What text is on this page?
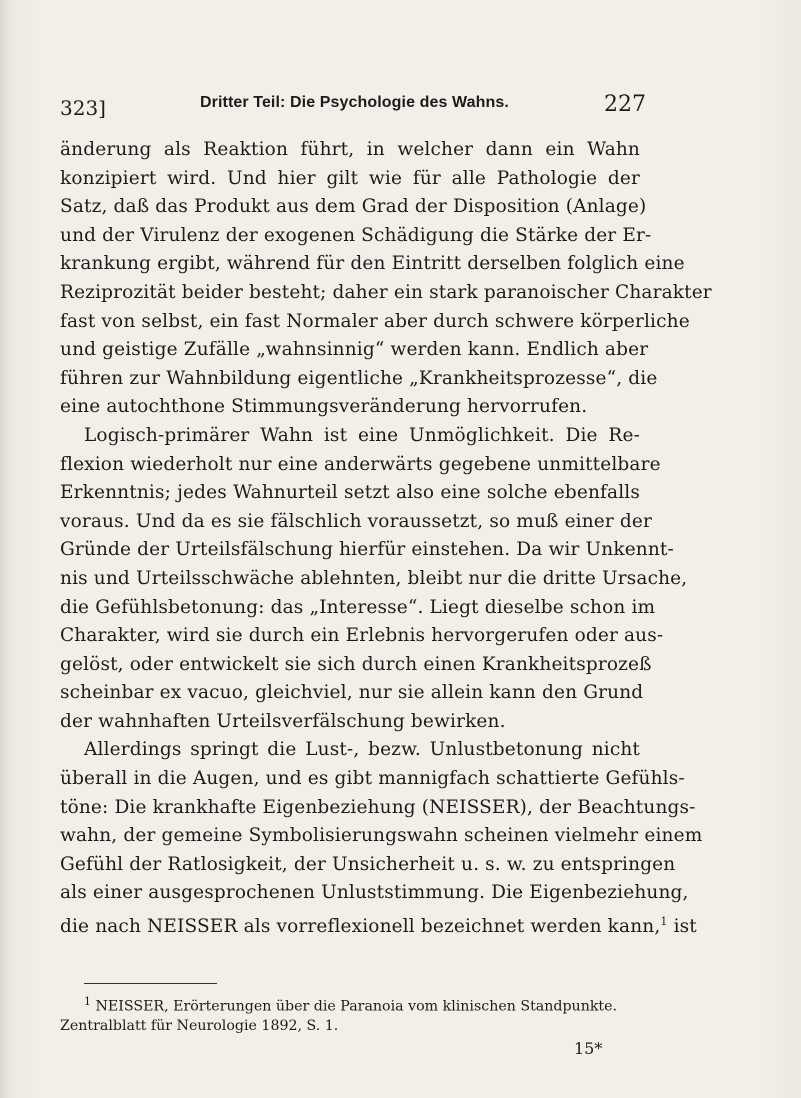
323]	Dritter Teil: Die Psychologie des Wahns.	227
änderung als Reaktion führt, in welcher dann ein Wahn
konzipiert wird. Und hier gilt wie für alle Pathologie der
Satz, daß das Produkt aus dem Grad der Disposition (Anlage)
und der Virulenz der exogenen Schädigung die Stärke der Er-
krankung ergibt, während für den Eintritt derselben folglich eine
Reziprozität beider besteht; daher ein stark paranoischer Charakter
fast von selbst, ein fast Normaler aber durch schwere körperliche
und geistige Zufälle „wahnsinnig“ werden kann. Endlich aber
führen zur Wahnbildung eigentliche „Krankheitsprozesse“, die
eine autochthone Stimmungsveränderung hervorrufen.
Logisch-primärer Wahn ist eine Unmöglichkeit. Die Re-
flexion wiederholt nur eine anderwärts gegebene unmittelbare
Erkenntnis; jedes Wahnurteil setzt also eine solche ebenfalls
voraus. Und da es sie fälschlich voraussetzt, so muß einer der
Gründe der Urteilsfälschung hierfür einstehen. Da wir Unkennt-
nis und Urteilsschwäche ablehnten, bleibt nur die dritte Ursache,
die Gefühlsbetonung: das „Interesse“. Liegt dieselbe schon im
Charakter, wird sie durch ein Erlebnis hervorgerufen oder aus-
gelöst, oder entwickelt sie sich durch einen Krankheitsprozeß
scheinbar ex vacuo, gleichviel, nur sie allein kann den Grund
der wahnhaften Urteilsverfälschung bewirken.
Allerdings springt die Lust-, bezw. Unlustbetonung nicht
überall in die Augen, und es gibt mannigfach schattierte Gefühls-
töne: Die krankhafte Eigenbeziehung (NEISSER), der Beachtungs-
wahn, der gemeine Symbolisierungswahn scheinen vielmehr einem
Gefühl der Ratlosigkeit, der Unsicherheit u. s. w. zu entspringen
als einer ausgesprochenen Unluststimmung. Die Eigenbeziehung,
die nach NEISSER als vorreflexionell bezeichnet werden kann,$^1$ ist
$^1$ NEISSER, Erörterungen über die Paranoia vom klinischen Standpunkte.
Zentralblatt für Neurologie 1892, S. 1.
15*
